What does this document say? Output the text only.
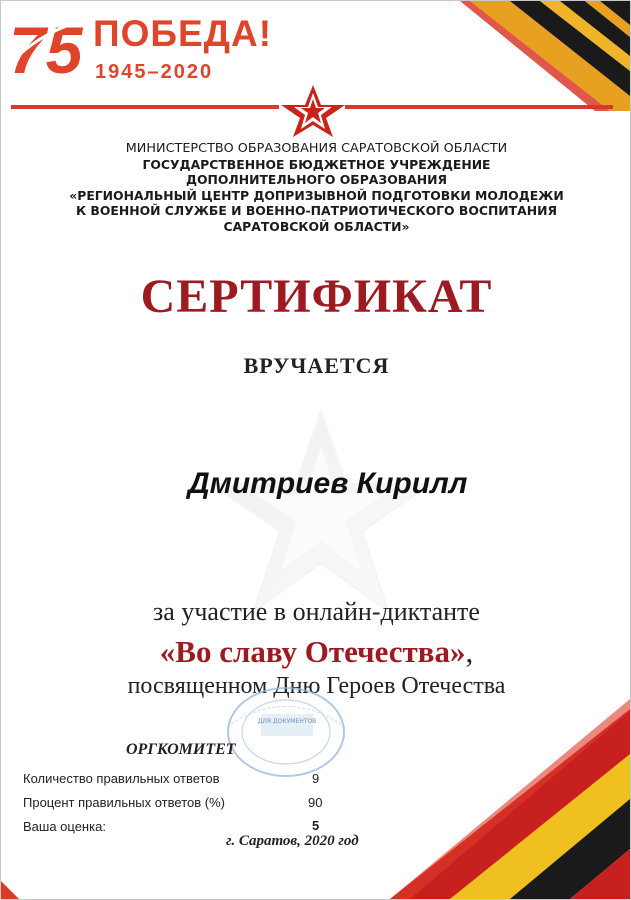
75 ПОБЕДА!
1945–2020
МИНИСТЕРСТВО ОБРАЗОВАНИЯ САРАТОВСКОЙ ОБЛАСТИ
ГОСУДАРСТВЕННОЕ БЮДЖЕТНОЕ УЧРЕЖДЕНИЕ
ДОПОЛНИТЕЛЬНОГО ОБРАЗОВАНИЯ
«РЕГИОНАЛЬНЫЙ ЦЕНТР ДОПРИЗЫВНОЙ ПОДГОТОВКИ МОЛОДЕЖИ
К ВОЕННОЙ СЛУЖБЕ И ВОЕННО-ПАТРИОТИЧЕСКОГО ВОСПИТАНИЯ
САРАТОВСКОЙ ОБЛАСТИ»
СЕРТИФИКАТ
ВРУЧАЕТСЯ
Дмитриев Кирилл
за участие в онлайн-диктанте
«Во славу Отечества»,
посвященном Дню Героев Отечества
ДЛЯ ДОКУМЕНТОВ
ОРГКОМИТЕТ
Количество правильных ответов	9
Процент правильных ответов (%)	90
Ваша оценка:	5
г. Саратов, 2020 год
